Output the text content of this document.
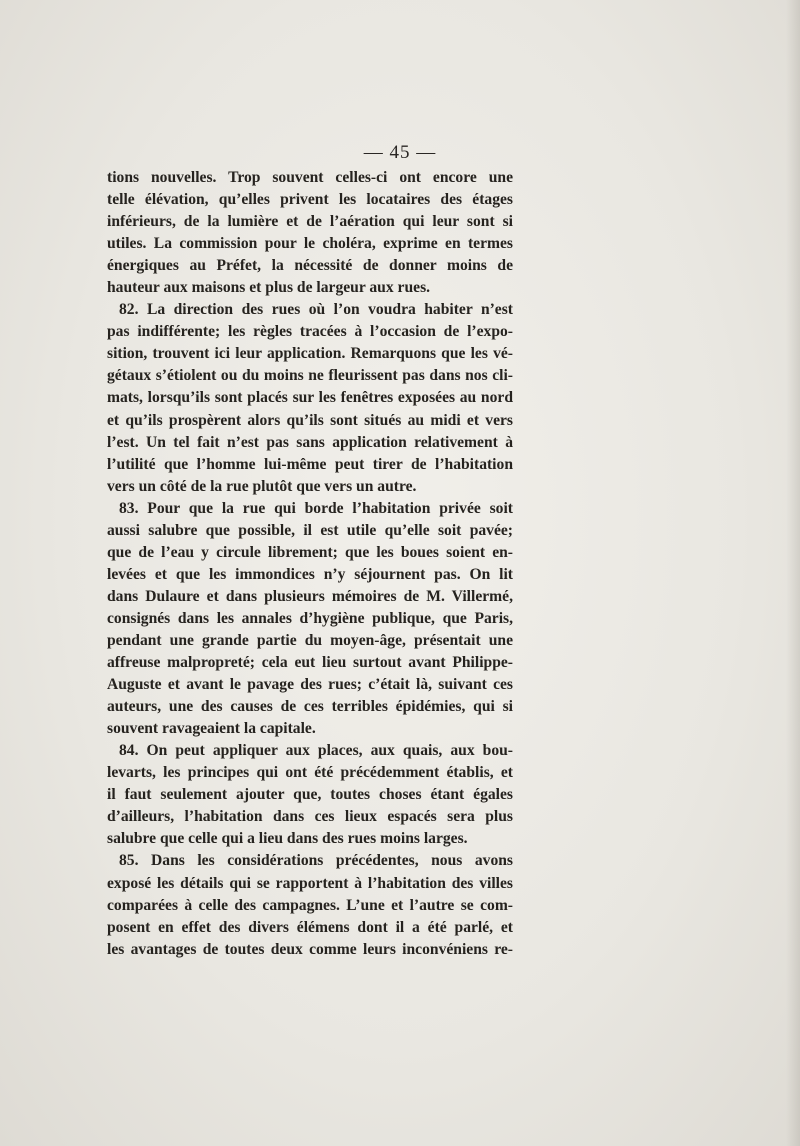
— 45 —
tions nouvelles. Trop souvent celles-ci ont encore une
telle élévation, qu’elles privent les locataires des étages
inférieurs, de la lumière et de l’aération qui leur sont si
utiles. La commission pour le choléra, exprime en termes
énergiques au Préfet, la nécessité de donner moins de
hauteur aux maisons et plus de largeur aux rues.
82. La direction des rues où l’on voudra habiter n’est
pas indifférente; les règles tracées à l’occasion de l’expo-
sition, trouvent ici leur application. Remarquons que les vé-
gétaux s’étiolent ou du moins ne fleurissent pas dans nos cli-
mats, lorsqu’ils sont placés sur les fenêtres exposées au nord
et qu’ils prospèrent alors qu’ils sont situés au midi et vers
l’est. Un tel fait n’est pas sans application relativement à
l’utilité que l’homme lui-même peut tirer de l’habitation
vers un côté de la rue plutôt que vers un autre.
83. Pour que la rue qui borde l’habitation privée soit
aussi salubre que possible, il est utile qu’elle soit pavée;
que de l’eau y circule librement; que les boues soient en-
levées et que les immondices n’y séjournent pas. On lit
dans Dulaure et dans plusieurs mémoires de M. Villermé,
consignés dans les annales d’hygiène publique, que Paris,
pendant une grande partie du moyen-âge, présentait une
affreuse malpropreté; cela eut lieu surtout avant Philippe-
Auguste et avant le pavage des rues; c’était là, suivant ces
auteurs, une des causes de ces terribles épidémies, qui si
souvent ravageaient la capitale.
84. On peut appliquer aux places, aux quais, aux bou-
levarts, les principes qui ont été précédemment établis, et
il faut seulement ajouter que, toutes choses étant égales
d’ailleurs, l’habitation dans ces lieux espacés sera plus
salubre que celle qui a lieu dans des rues moins larges.
85. Dans les considérations précédentes, nous avons
exposé les détails qui se rapportent à l’habitation des villes
comparées à celle des campagnes. L’une et l’autre se com-
posent en effet des divers élémens dont il a été parlé, et
les avantages de toutes deux comme leurs inconvéniens re-
